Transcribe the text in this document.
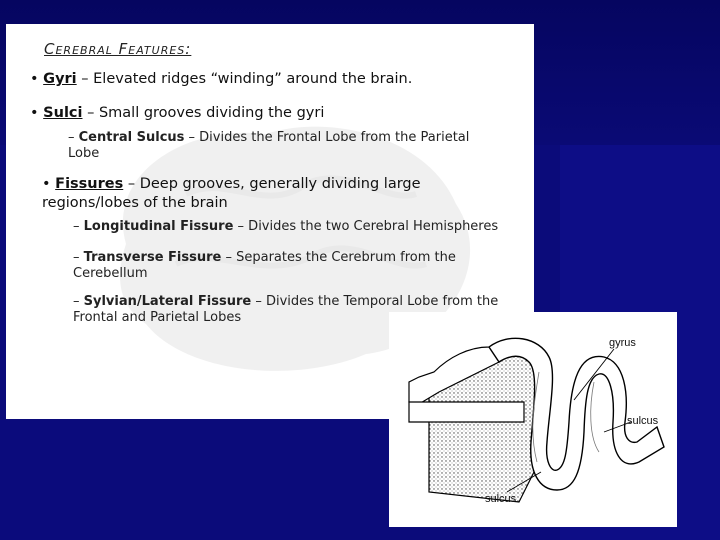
Cerebral Features:
• Gyri – Elevated ridges “winding” around the brain.
• Sulci – Small grooves dividing the gyri
– Central Sulcus – Divides the Frontal Lobe from the Parietal Lobe
• Fissures – Deep grooves, generally dividing large regions/lobes of the brain
– Longitudinal Fissure – Divides the two Cerebral Hemispheres
– Transverse Fissure – Separates the Cerebrum from the Cerebellum
– Sylvian/Lateral Fissure – Divides the Temporal Lobe from the Frontal and Parietal Lobes
gyrus
sulcus
sulcus
